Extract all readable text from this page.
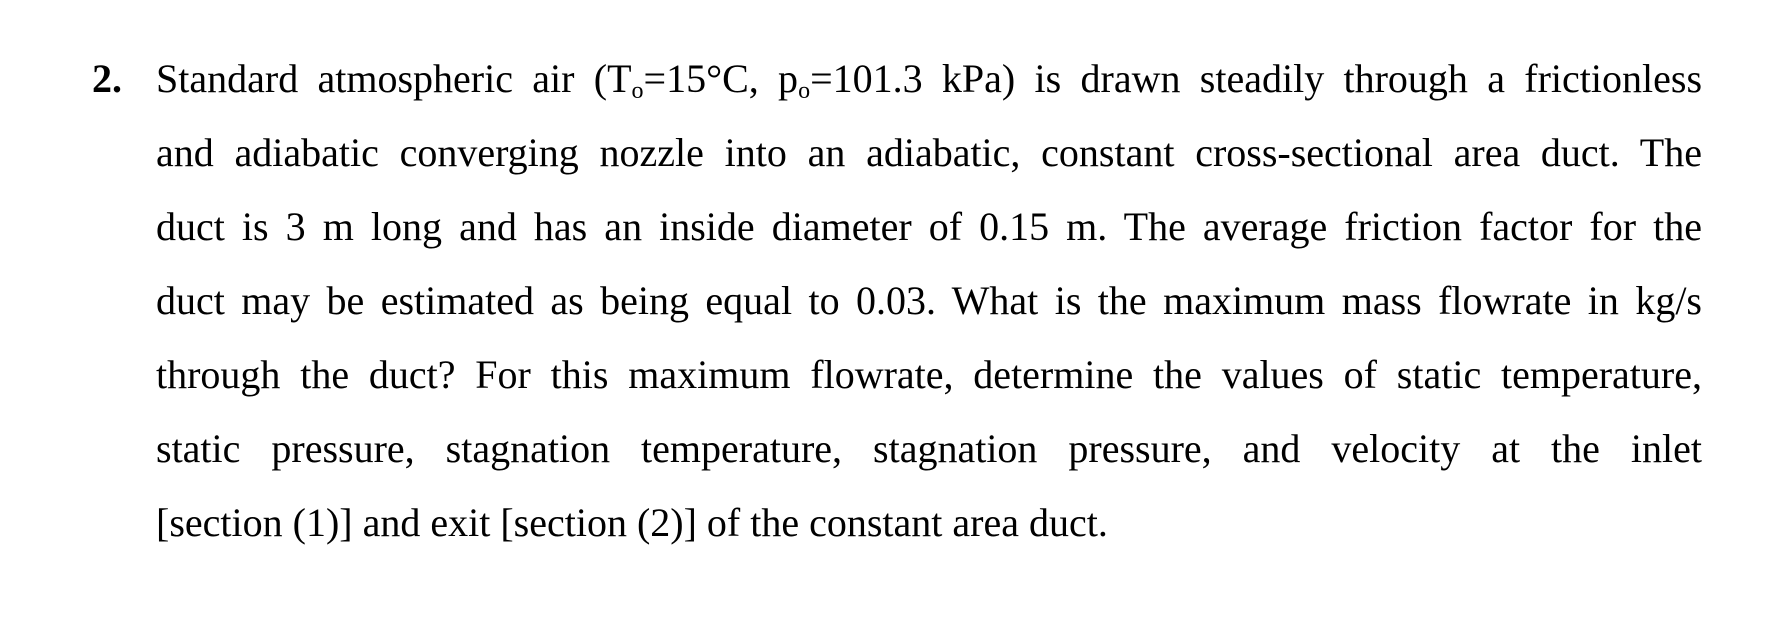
2. Standard atmospheric air ($T_o=15^\circ C$, $p_o=101.3$ kPa) is drawn steadily through a frictionless
and adiabatic converging nozzle into an adiabatic, constant cross-sectional area duct. The
duct is 3 m long and has an inside diameter of 0.15 m. The average friction factor for the
duct may be estimated as being equal to 0.03. What is the maximum mass flowrate in kg/s
through the duct? For this maximum flowrate, determine the values of static temperature,
static pressure, stagnation temperature, stagnation pressure, and velocity at the inlet
[section (1)] and exit [section (2)] of the constant area duct.
